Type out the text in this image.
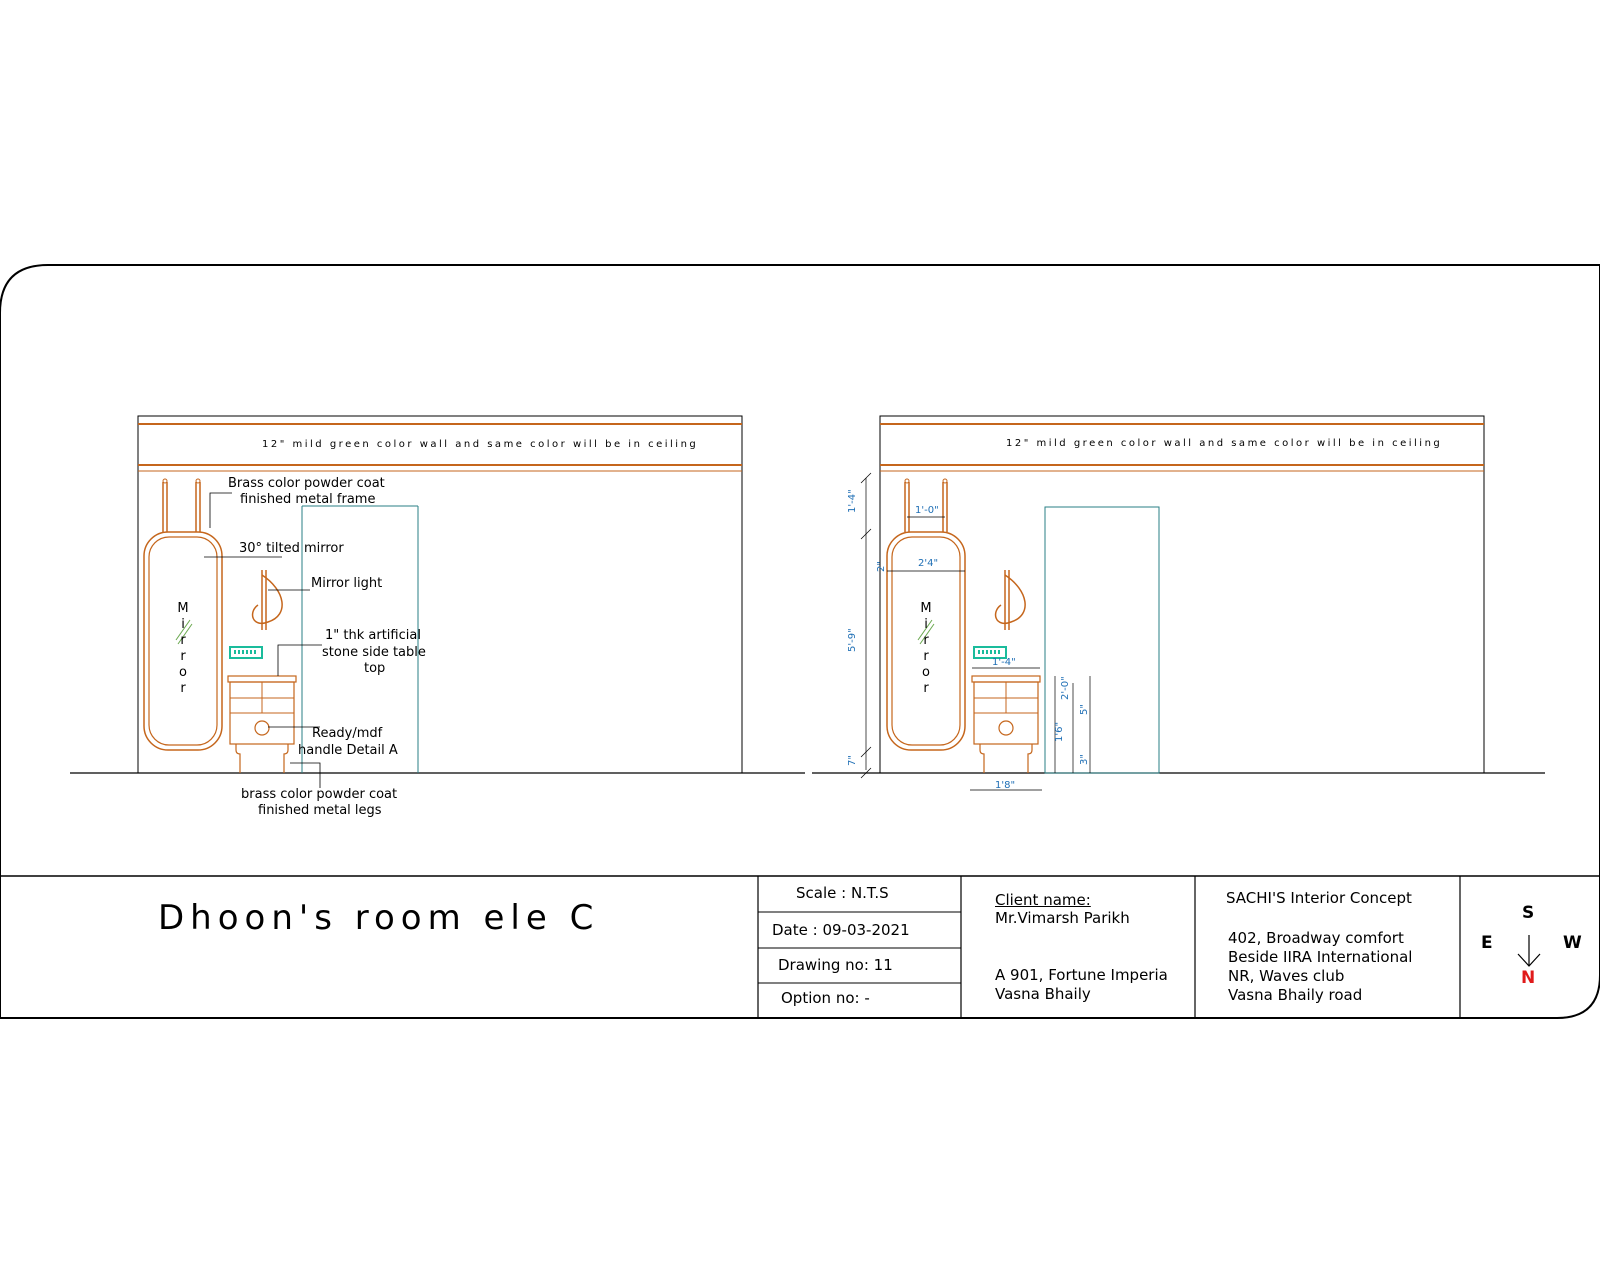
12" mild green color wall and same color will be in ceiling
M
i
r
r
o
r
Brass color powder coat
finished metal frame
30° tilted mirror
Mirror light
1" thk artificial
stone side table
top
Ready/mdf
handle Detail A
brass color powder coat
finished metal legs
12" mild green color wall and same color will be in ceiling
M
i
r
r
o
r
1'-4"
5'-9"
7"
1'-0"
2'4"
2"
1'-4"
1'8"
1'6"
2'-0"
5"
3"
Dhoon's room ele C
Scale : N.T.S
Date : 09-03-2021
Drawing no: 11
Option no: -
Client name:
Mr.Vimarsh Parikh
A 901, Fortune Imperia
Vasna Bhaily
SACHI'S Interior Concept
402, Broadway comfort
Beside IIRA International
NR, Waves club
Vasna Bhaily road
S
E	W
N
